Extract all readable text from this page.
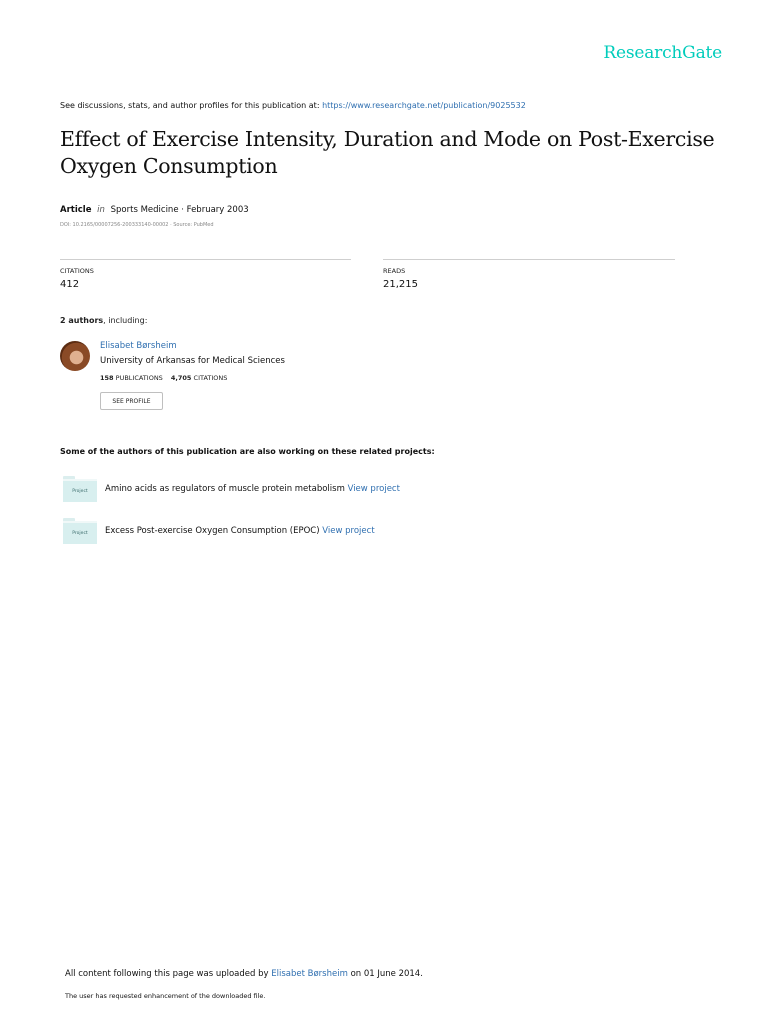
ResearchGate
See discussions, stats, and author profiles for this publication at: https://www.researchgate.net/publication/9025532
Effect of Exercise Intensity, Duration and Mode on Post-Exercise Oxygen Consumption
Article in Sports Medicine · February 2003
DOI: 10.2165/00007256-200333140-00002 · Source: PubMed
CITATIONS
412
READS
21,215
2 authors, including:
Elisabet Børsheim
University of Arkansas for Medical Sciences
158 PUBLICATIONS 4,705 CITATIONS
SEE PROFILE
Some of the authors of this publication are also working on these related projects:
Project	Amino acids as regulators of muscle protein metabolism View project
Project	Excess Post-exercise Oxygen Consumption (EPOC) View project
All content following this page was uploaded by Elisabet Børsheim on 01 June 2014.
The user has requested enhancement of the downloaded file.
